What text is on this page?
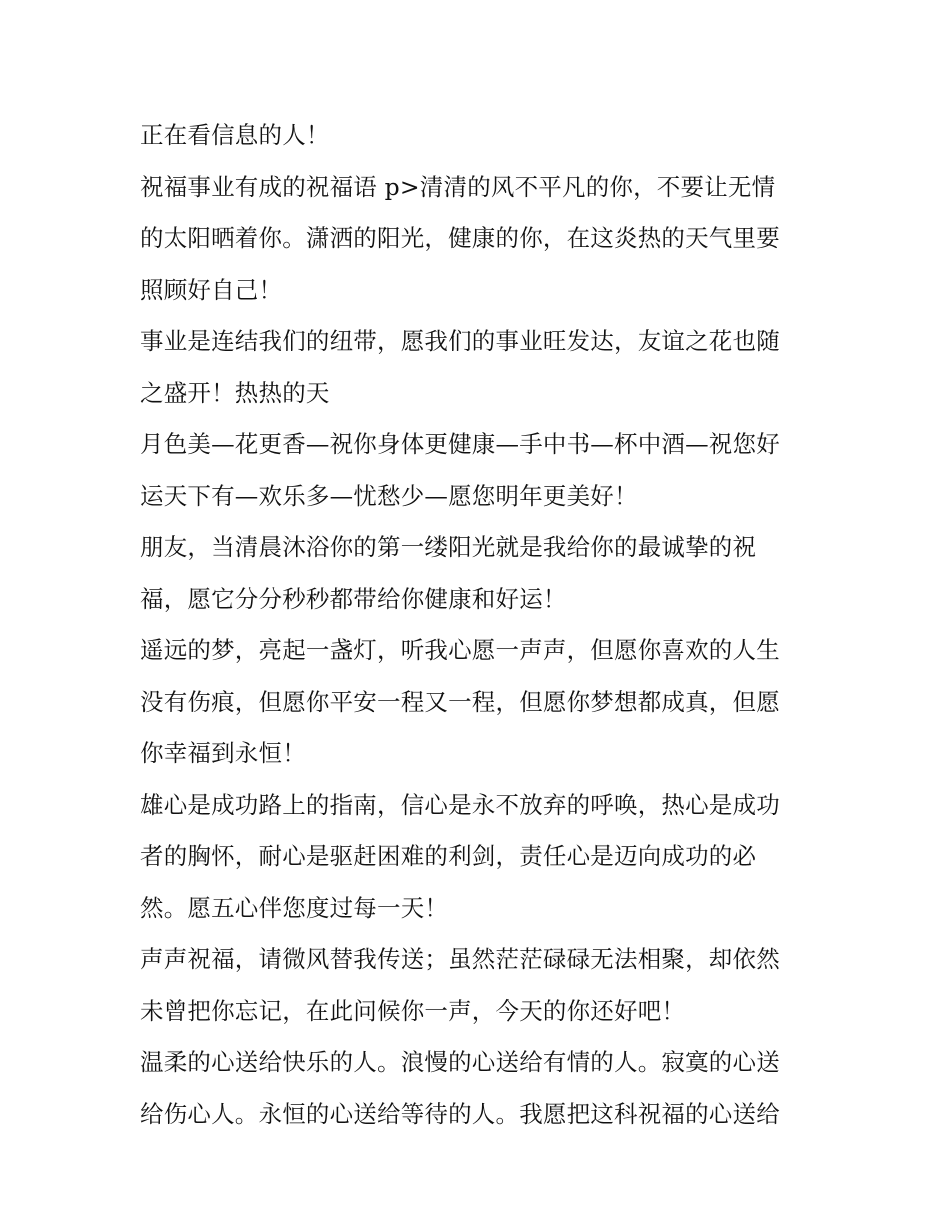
正在看信息的人！
祝福事业有成的祝福语 p>清清的风不平凡的你，不要让无情
的太阳晒着你。潇洒的阳光，健康的你，在这炎热的天气里要
照顾好自己！
事业是连结我们的纽带，愿我们的事业旺发达，友谊之花也随
之盛开！热热的天
月色美—花更香—祝你身体更健康—手中书—杯中酒—祝您好
运天下有—欢乐多—忧愁少—愿您明年更美好！
朋友，当清晨沐浴你的第一缕阳光就是我给你的最诚挚的祝
福，愿它分分秒秒都带给你健康和好运！
遥远的梦，亮起一盏灯，听我心愿一声声，但愿你喜欢的人生
没有伤痕，但愿你平安一程又一程，但愿你梦想都成真，但愿
你幸福到永恒！
雄心是成功路上的指南，信心是永不放弃的呼唤，热心是成功
者的胸怀，耐心是驱赶困难的利剑，责任心是迈向成功的必
然。愿五心伴您度过每一天！
声声祝福，请微风替我传送；虽然茫茫碌碌无法相聚，却依然
未曾把你忘记，在此问候你一声，今天的你还好吧！
温柔的心送给快乐的人。浪慢的心送给有情的人。寂寞的心送
给伤心人。永恒的心送给等待的人。我愿把这科祝福的心送给
